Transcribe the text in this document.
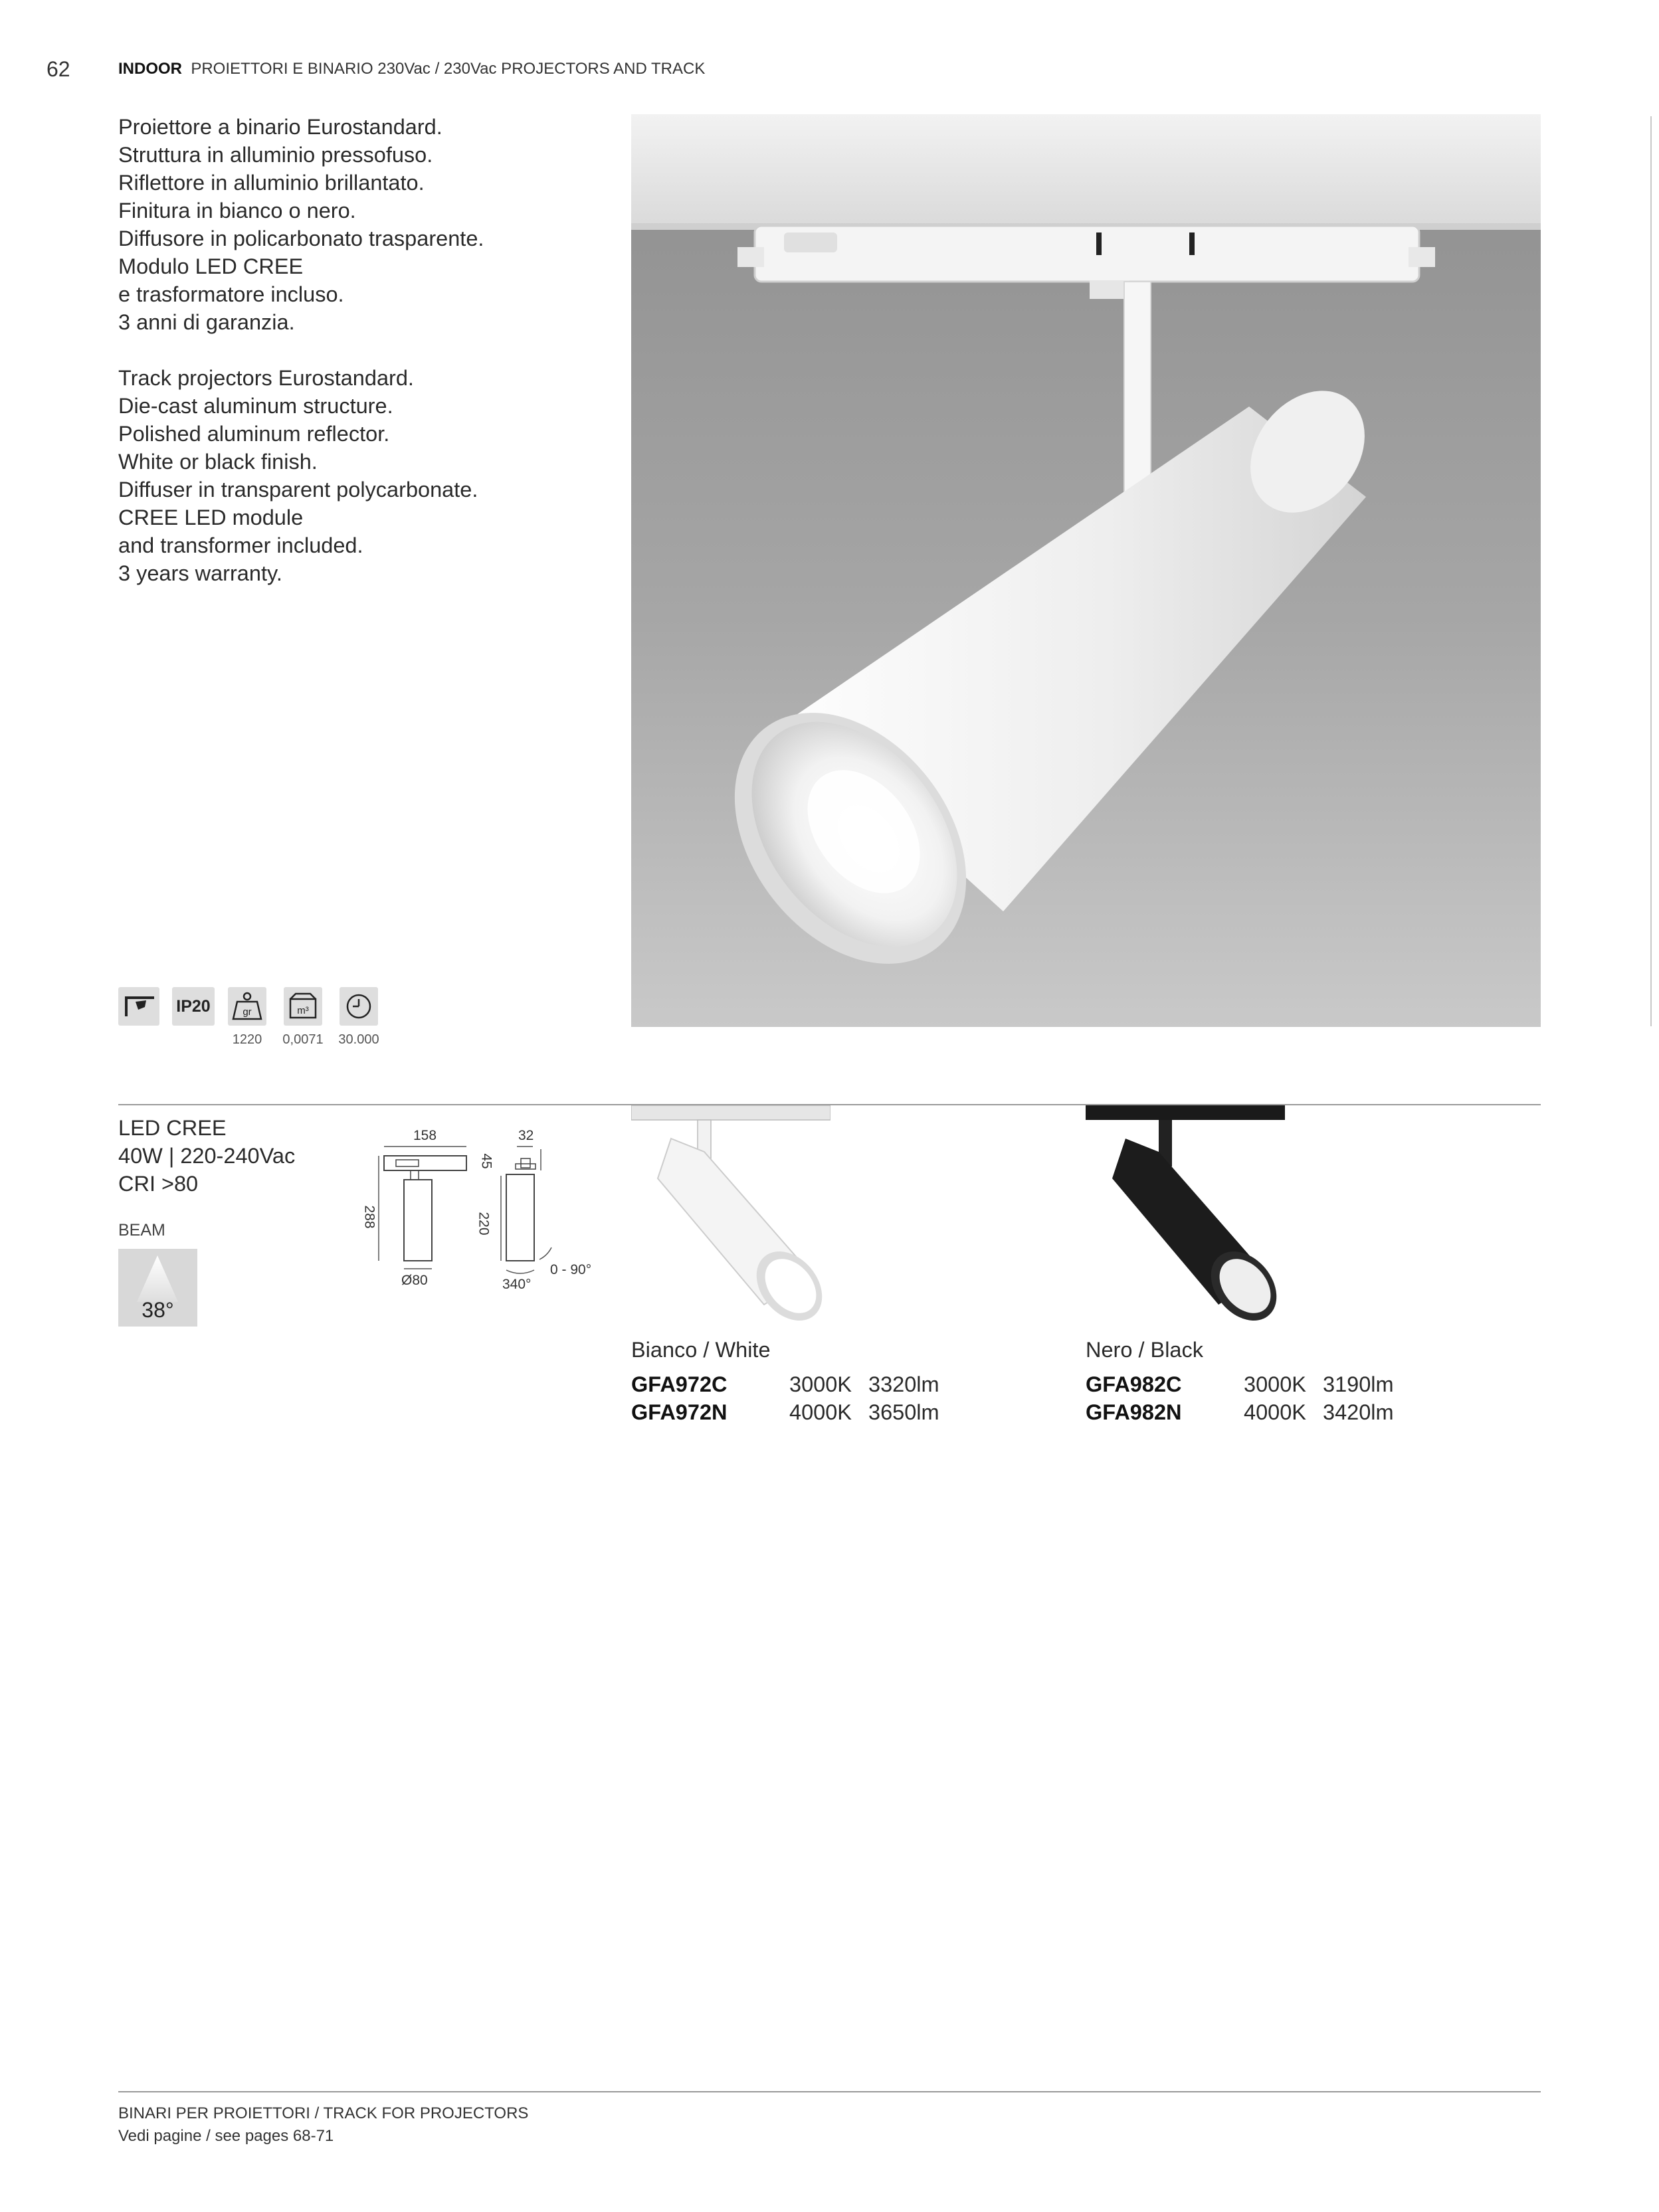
62	INDOOR PROIETTORI E BINARIO 230Vac / 230Vac PROJECTORS AND TRACK
Proiettore a binario Eurostandard.
Struttura in alluminio pressofuso.
Riflettore in alluminio brillantato.
Finitura in bianco o nero.
Diffusore in policarbonato trasparente.
Modulo LED CREE
e trasformatore incluso.
3 anni di garanzia.
Track projectors Eurostandard.
Die-cast aluminum structure.
Polished aluminum reflector.
White or black finish.
Diffuser in transparent polycarbonate.
CREE LED module
and transformer included.
3 years warranty.
IP20	gr	m³
1220	0,0071	30.000
LED CREE
40W | 220-240Vac
CRI >80
BEAM
38°
158	32
288	220
45
Ø80	340°
0 - 90°
Bianco / White
GFA972C	3000K 3320lm
GFA972N	4000K 3650lm
Nero / Black
GFA982C	3000K 3190lm
GFA982N	4000K 3420lm
BINARI PER PROIETTORI / TRACK FOR PROJECTORS
Vedi pagine / see pages 68-71
